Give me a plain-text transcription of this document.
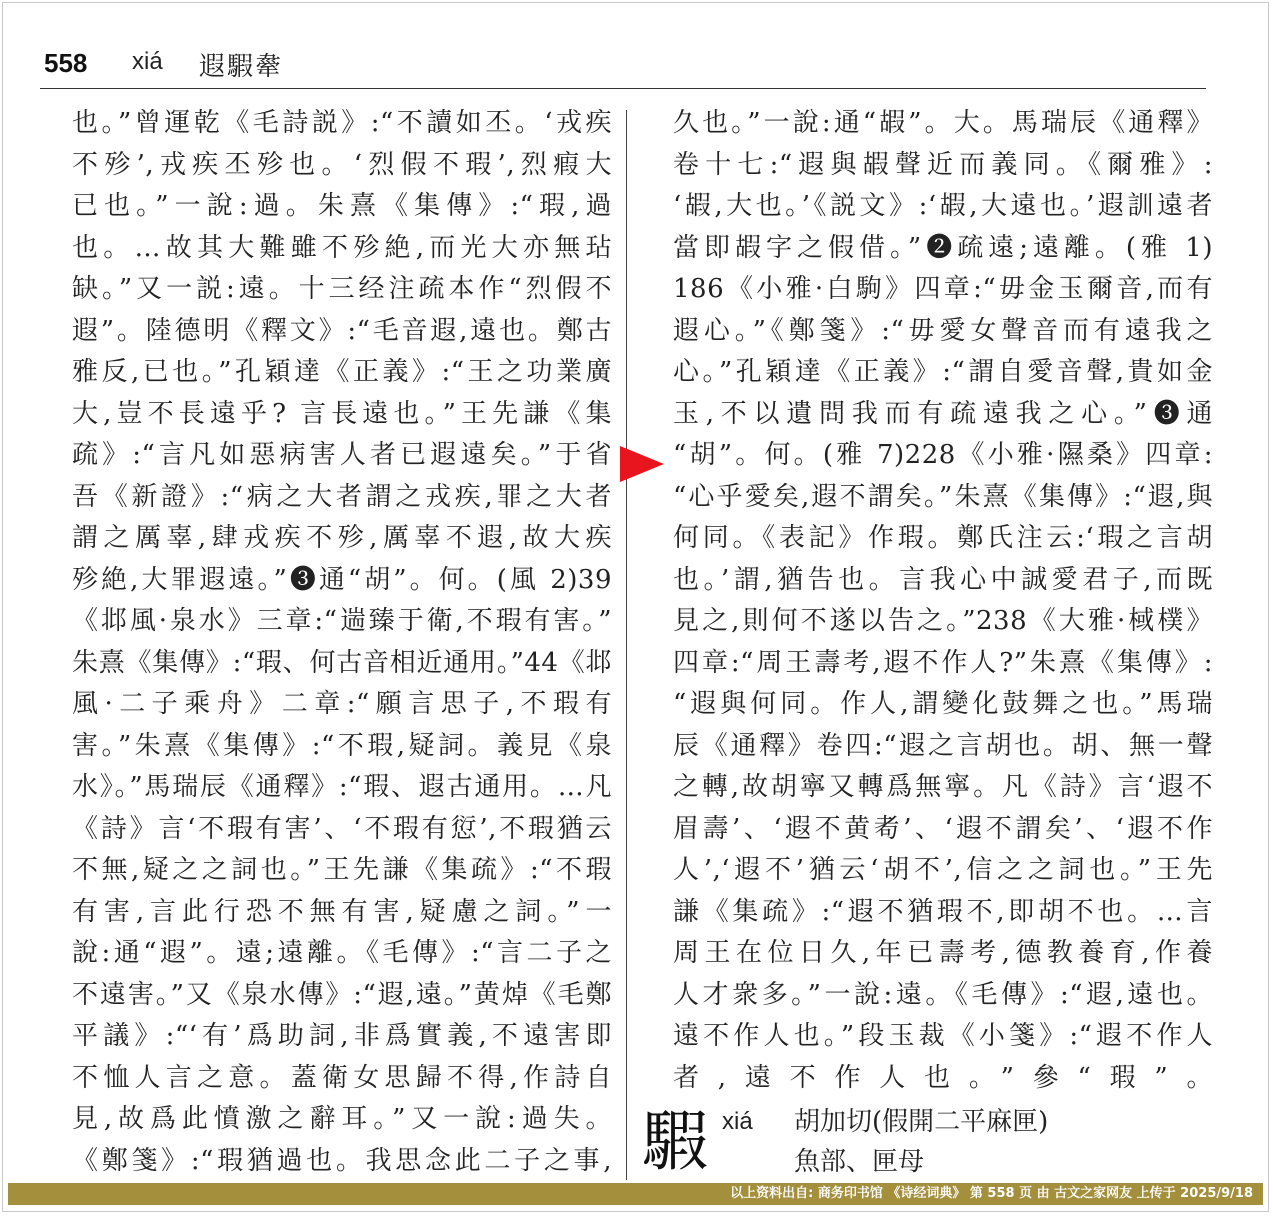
558 xiá 遐騢舝
也。”曾運乾《毛詩説》:“不讀如丕。‘戎疾
不殄’,戎疾丕殄也。‘烈假不瑕’,烈瘕大
已也。”一說:過。朱熹《集傳》:“瑕,過
也。…故其大難雖不殄絶,而光大亦無玷
缺。”又一説:遠。十三经注疏本作“烈假不
遐”。陸德明《釋文》:“毛音遐,遠也。鄭古
雅反,已也。”孔穎達《正義》:“王之功業廣
大,豈不長遠乎? 言長遠也。”王先謙《集
疏》:“言凡如惡病害人者已遐遠矣。”于省
吾《新證》:“病之大者謂之戎疾,罪之大者
謂之厲辜,肆戎疾不殄,厲辜不遐,故大疾
殄絶,大罪遐遠。”❸通“胡”。何。(風 2)39
《邶風·泉水》三章:“遄臻于衛,不瑕有害。”
朱熹《集傳》:“瑕、何古音相近通用。”44《邶
風·二子乘舟》二章:“願言思子,不瑕有
害。”朱熹《集傳》:“不瑕,疑詞。義見《泉
水》。”馬瑞辰《通釋》:“瑕、遐古通用。…凡
《詩》言‘不瑕有害’、‘不瑕有愆’,不瑕猶云
不無,疑之之詞也。”王先謙《集疏》:“不瑕
有害,言此行恐不無有害,疑慮之詞。”一
說:通“遐”。遠;遠離。《毛傳》:“言二子之
不遠害。”又《泉水傳》:“遐,遠。”黄焯《毛鄭
平議》:“‘有’爲助詞,非爲實義,不遠害即
不恤人言之意。蓋衛女思歸不得,作詩自
見,故爲此憤激之辭耳。”又一說:過失。
《鄭箋》:“瑕猶過也。我思念此二子之事,
久也。”一說:通“嘏”。大。馬瑞辰《通釋》
卷十七:“遐與嘏聲近而義同。《爾雅》:
‘嘏,大也。’《説文》:‘嘏,大遠也。’遐訓遠者
當即嘏字之假借。”❷疏遠;遠離。(雅 1)
186《小雅·白駒》四章:“毋金玉爾音,而有
遐心。”《鄭箋》:“毋愛女聲音而有遠我之
心。”孔穎達《正義》:“謂自愛音聲,貴如金
玉,不以遺問我而有疏遠我之心。”❸通
“胡”。何。(雅 7)228《小雅·隰桑》四章:
“心乎愛矣,遐不謂矣。”朱熹《集傳》:“遐,與
何同。《表記》作瑕。鄭氏注云:‘瑕之言胡
也。’謂,猶告也。言我心中誠愛君子,而既
見之,則何不遂以告之。”238《大雅·棫樸》
四章:“周王壽考,遐不作人?”朱熹《集傳》:
“遐與何同。作人,謂變化鼓舞之也。”馬瑞
辰《通釋》卷四:“遐之言胡也。胡、無一聲
之轉,故胡寧又轉爲無寧。凡《詩》言‘遐不
眉壽’、‘遐不黄耇’、‘遐不謂矣’、‘遐不作
人’,‘遐不’猶云‘胡不’,信之之詞也。”王先
謙《集疏》:“遐不猶瑕不,即胡不也。…言
周王在位日久,年已壽考,德教養育,作養
人才衆多。”一說:遠。《毛傳》:“遐,遠也。
遠不作人也。”段玉裁《小箋》:“遐不作人
者,遠不作人也。”參“瑕”。
騢 xiá 胡加切(假開二平麻匣)
魚部、匣母
以上资料出自: 商务印书馆 《诗经词典》 第 558 页 由 古文之家网友 上传于 2025/9/18
